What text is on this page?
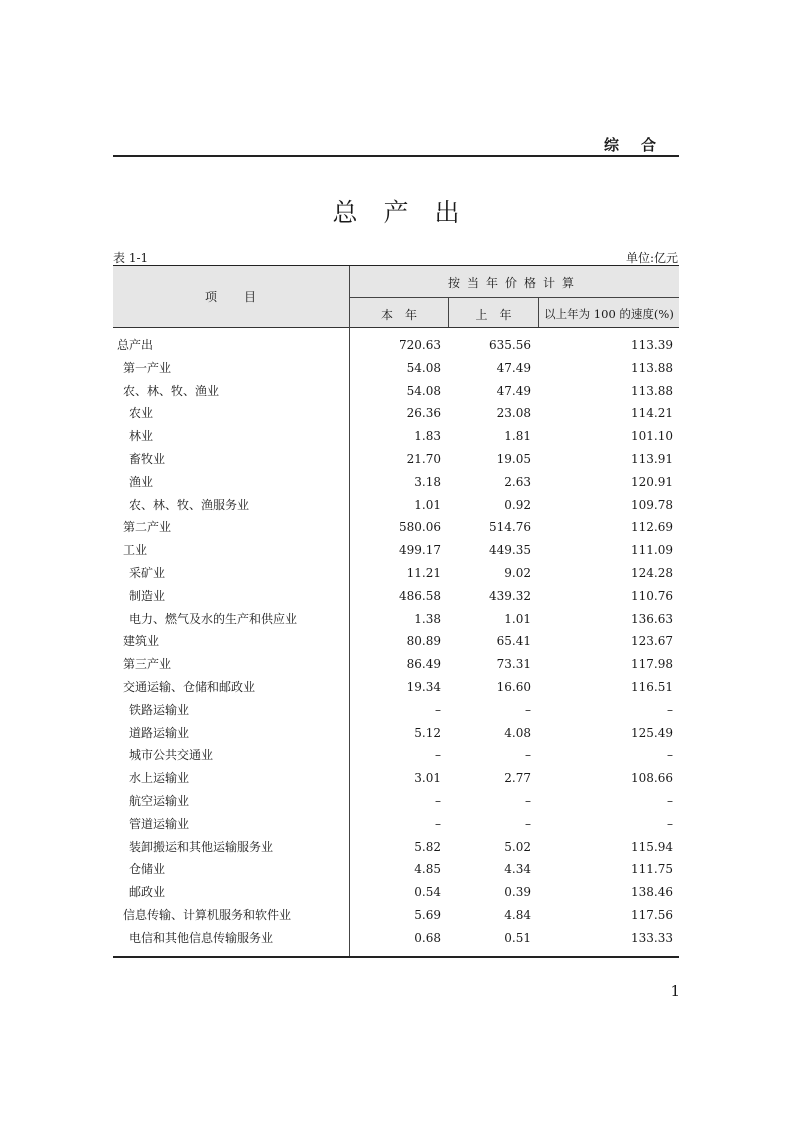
综合
总产出
表 1-1	单位:亿元
项　　目
按当年价格计算
本　年	上　年	以上年为 100 的速度(%)
总产出	720.63	635.56	113.39
第一产业	54.08	47.49	113.88
农、林、牧、渔业	54.08	47.49	113.88
农业	26.36	23.08	114.21
林业	1.83	1.81	101.10
畜牧业	21.70	19.05	113.91
渔业	3.18	2.63	120.91
农、林、牧、渔服务业	1.01	0.92	109.78
第二产业	580.06	514.76	112.69
工业	499.17	449.35	111.09
采矿业	11.21	9.02	124.28
制造业	486.58	439.32	110.76
电力、燃气及水的生产和供应业	1.38	1.01	136.63
建筑业	80.89	65.41	123.67
第三产业	86.49	73.31	117.98
交通运输、仓储和邮政业	19.34	16.60	116.51
铁路运输业	–	–	–
道路运输业	5.12	4.08	125.49
城市公共交通业	–	–	–
水上运输业	3.01	2.77	108.66
航空运输业	–	–	–
管道运输业	–	–	–
装卸搬运和其他运输服务业	5.82	5.02	115.94
仓储业	4.85	4.34	111.75
邮政业	0.54	0.39	138.46
信息传输、计算机服务和软件业	5.69	4.84	117.56
电信和其他信息传输服务业	0.68	0.51	133.33
1
